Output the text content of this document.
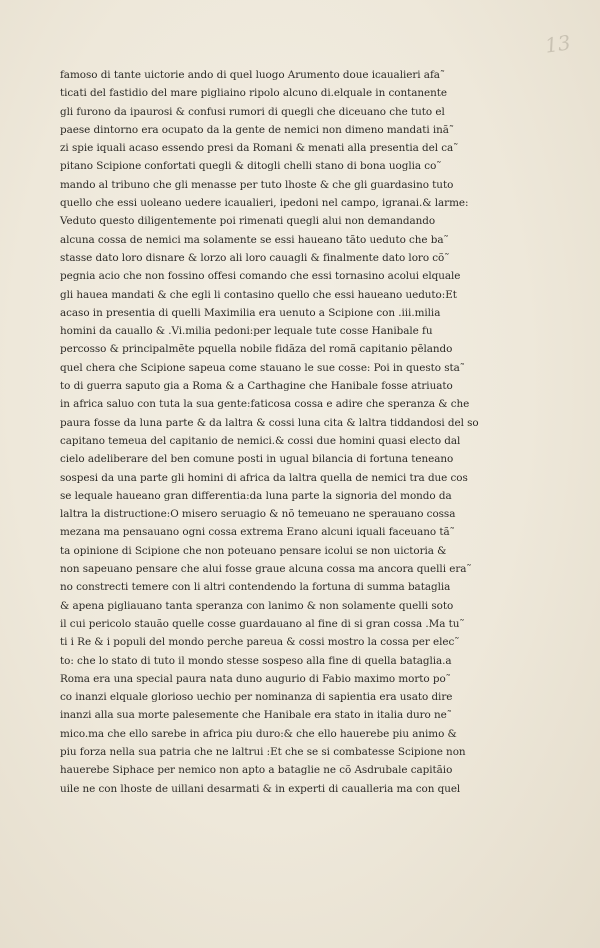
13
famoso di tante uictorie ando di quel luogo Arumento doue icaualieri afa˜
ticati del fastidio del mare pigliaino ripolo alcuno di.elquale in contanente
gli furono da ipaurosi & confusi rumori di quegli che diceuano che tuto el
paese dintorno era ocupato da la gente de nemici non dimeno mandati inã˜
zi spie iquali acaso essendo presi da Romani & menati alla presentia del ca˜
pitano Scipione confortati quegli & ditogli chelli stano di bona uoglia co˜
mando al tribuno che gli menasse per tuto lhoste & che gli guardasino tuto
quello che essi uoleano uedere icaualieri, ipedoni nel campo, igranai.& larme:
Veduto questo diligentemente poi rimenati quegli alui non demandando
alcuna cossa de nemici ma solamente se essi haueano tãto ueduto che ba˜
stasse dato loro disnare & lorzo ali loro cauagli & finalmente dato loro cõ˜
pegnia acio che non fossino offesi comando che essi tornasino acolui elquale
gli hauea mandati & che egli li contasino quello che essi haueano ueduto:Et
acaso in presentia di quelli Maximilia era uenuto a Scipione con .iii.milia
homini da cauallo & .Vi.milia pedoni:per lequale tute cosse Hanibale fu
percosso & principalmẽte pquella nobile fidãza del romã capitanio pẽlando
quel chera che Scipione sapeua come stauano le sue cosse: Poi in questo sta˜
to di guerra saputo gia a Roma & a Carthagine che Hanibale fosse atriuato
in africa saluo con tuta la sua gente:faticosa cossa e adire che speranza & che
paura fosse da luna parte & da laltra & cossi luna cita & laltra tiddandosi del so
capitano temeua del capitanio de nemici.& cossi due homini quasi electo dal
cielo adeliberare del ben comune posti in ugual bilancia di fortuna teneano
sospesi da una parte gli homini di africa da laltra quella de nemici tra due cos
se lequale haueano gran differentia:da luna parte la signoria del mondo da
laltra la distructione:O misero seruagio & nõ temeuano ne sperauano cossa
mezana ma pensauano ogni cossa extrema Erano alcuni iquali faceuano tã˜
ta opinione di Scipione che non poteuano pensare icolui se non uictoria &
non sapeuano pensare che alui fosse graue alcuna cossa ma ancora quelli era˜
no constrecti temere con li altri contendendo la fortuna di summa bataglia
& apena pigliauano tanta speranza con lanimo & non solamente quelli soto
il cui pericolo stauão quelle cosse guardauano al fine di si gran cossa .Ma tu˜
ti i Re & i populi del mondo perche pareua & cossi mostro la cossa per elec˜
to: che lo stato di tuto il mondo stesse sospeso alla fine di quella bataglia.a
Roma era una special paura nata duno augurio di Fabio maximo morto po˜
co inanzi elquale glorioso uechio per nominanza di sapientia era usato dire
inanzi alla sua morte palesemente che Hanibale era stato in italia duro ne˜
mico.ma che ello sarebe in africa piu duro:& che ello hauerebe piu animo &
piu forza nella sua patria che ne laltrui :Et che se si combatesse Scipione non
hauerebe Siphace per nemico non apto a bataglie ne cõ Asdrubale capitãio
uile ne con lhoste de uillani desarmati & in experti di caualleria ma con quel
